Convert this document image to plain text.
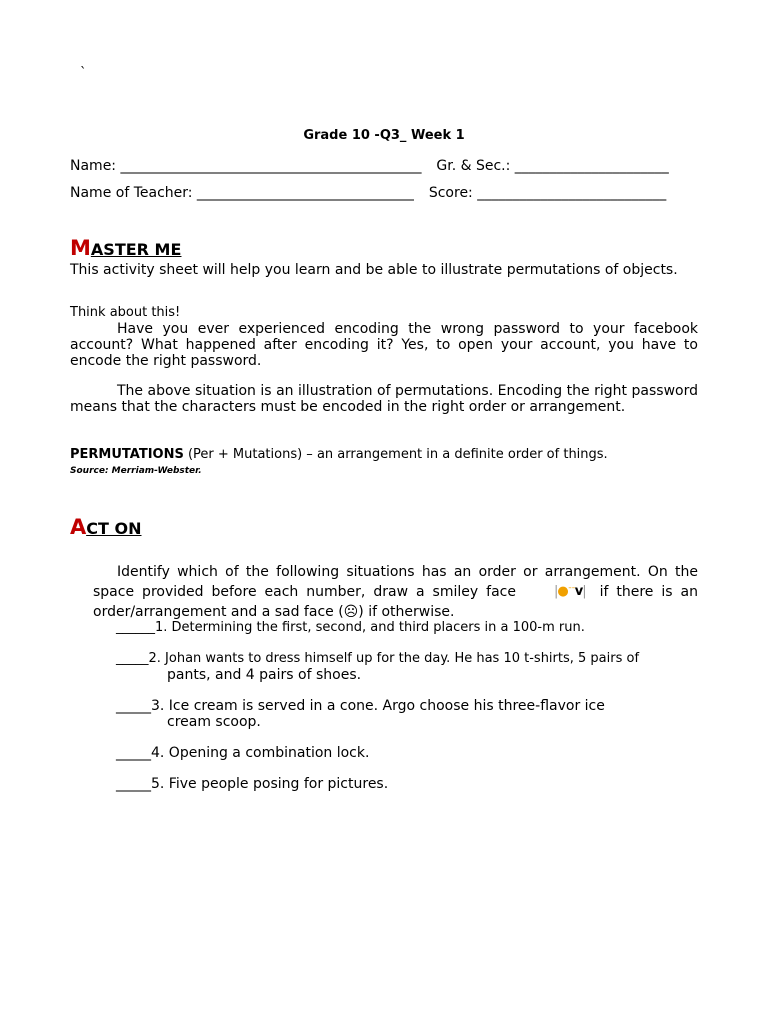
`
Grade 10 -Q3_ Week 1
Name: ___________________________________________ Gr. & Sec.: ______________________
Name of Teacher: _______________________________ Score: ___________________________
MASTER ME
This activity sheet will help you learn and be able to illustrate permutations of objects.
Think about this!
Have you ever experienced encoding the wrong password to your facebook account? What happened after encoding it? Yes, to open your account, you have to encode the right password.
The above situation is an illustration of permutations. Encoding the right password means that the characters must be encoded in the right order or arrangement.
PERMUTATIONS (Per + Mutations) – an arrangement in a definite order of things.
Source: Merriam-Webster.
ACT ON
Identify which of the following situations has an order or arrangement. On the space provided before each number, draw a smiley face	|●$^{ˉˉ}$v| if there is an order/arrangement and a sad face (☹) if otherwise.
______1. Determining the first, second, and third placers in a 100-m run.
_____2. Johan wants to dress himself up for the day. He has 10 t-shirts, 5 pairs of
pants, and 4 pairs of shoes.
_____3. Ice cream is served in a cone. Argo choose his three-flavor ice
cream scoop.
_____4. Opening a combination lock.
_____5. Five people posing for pictures.
